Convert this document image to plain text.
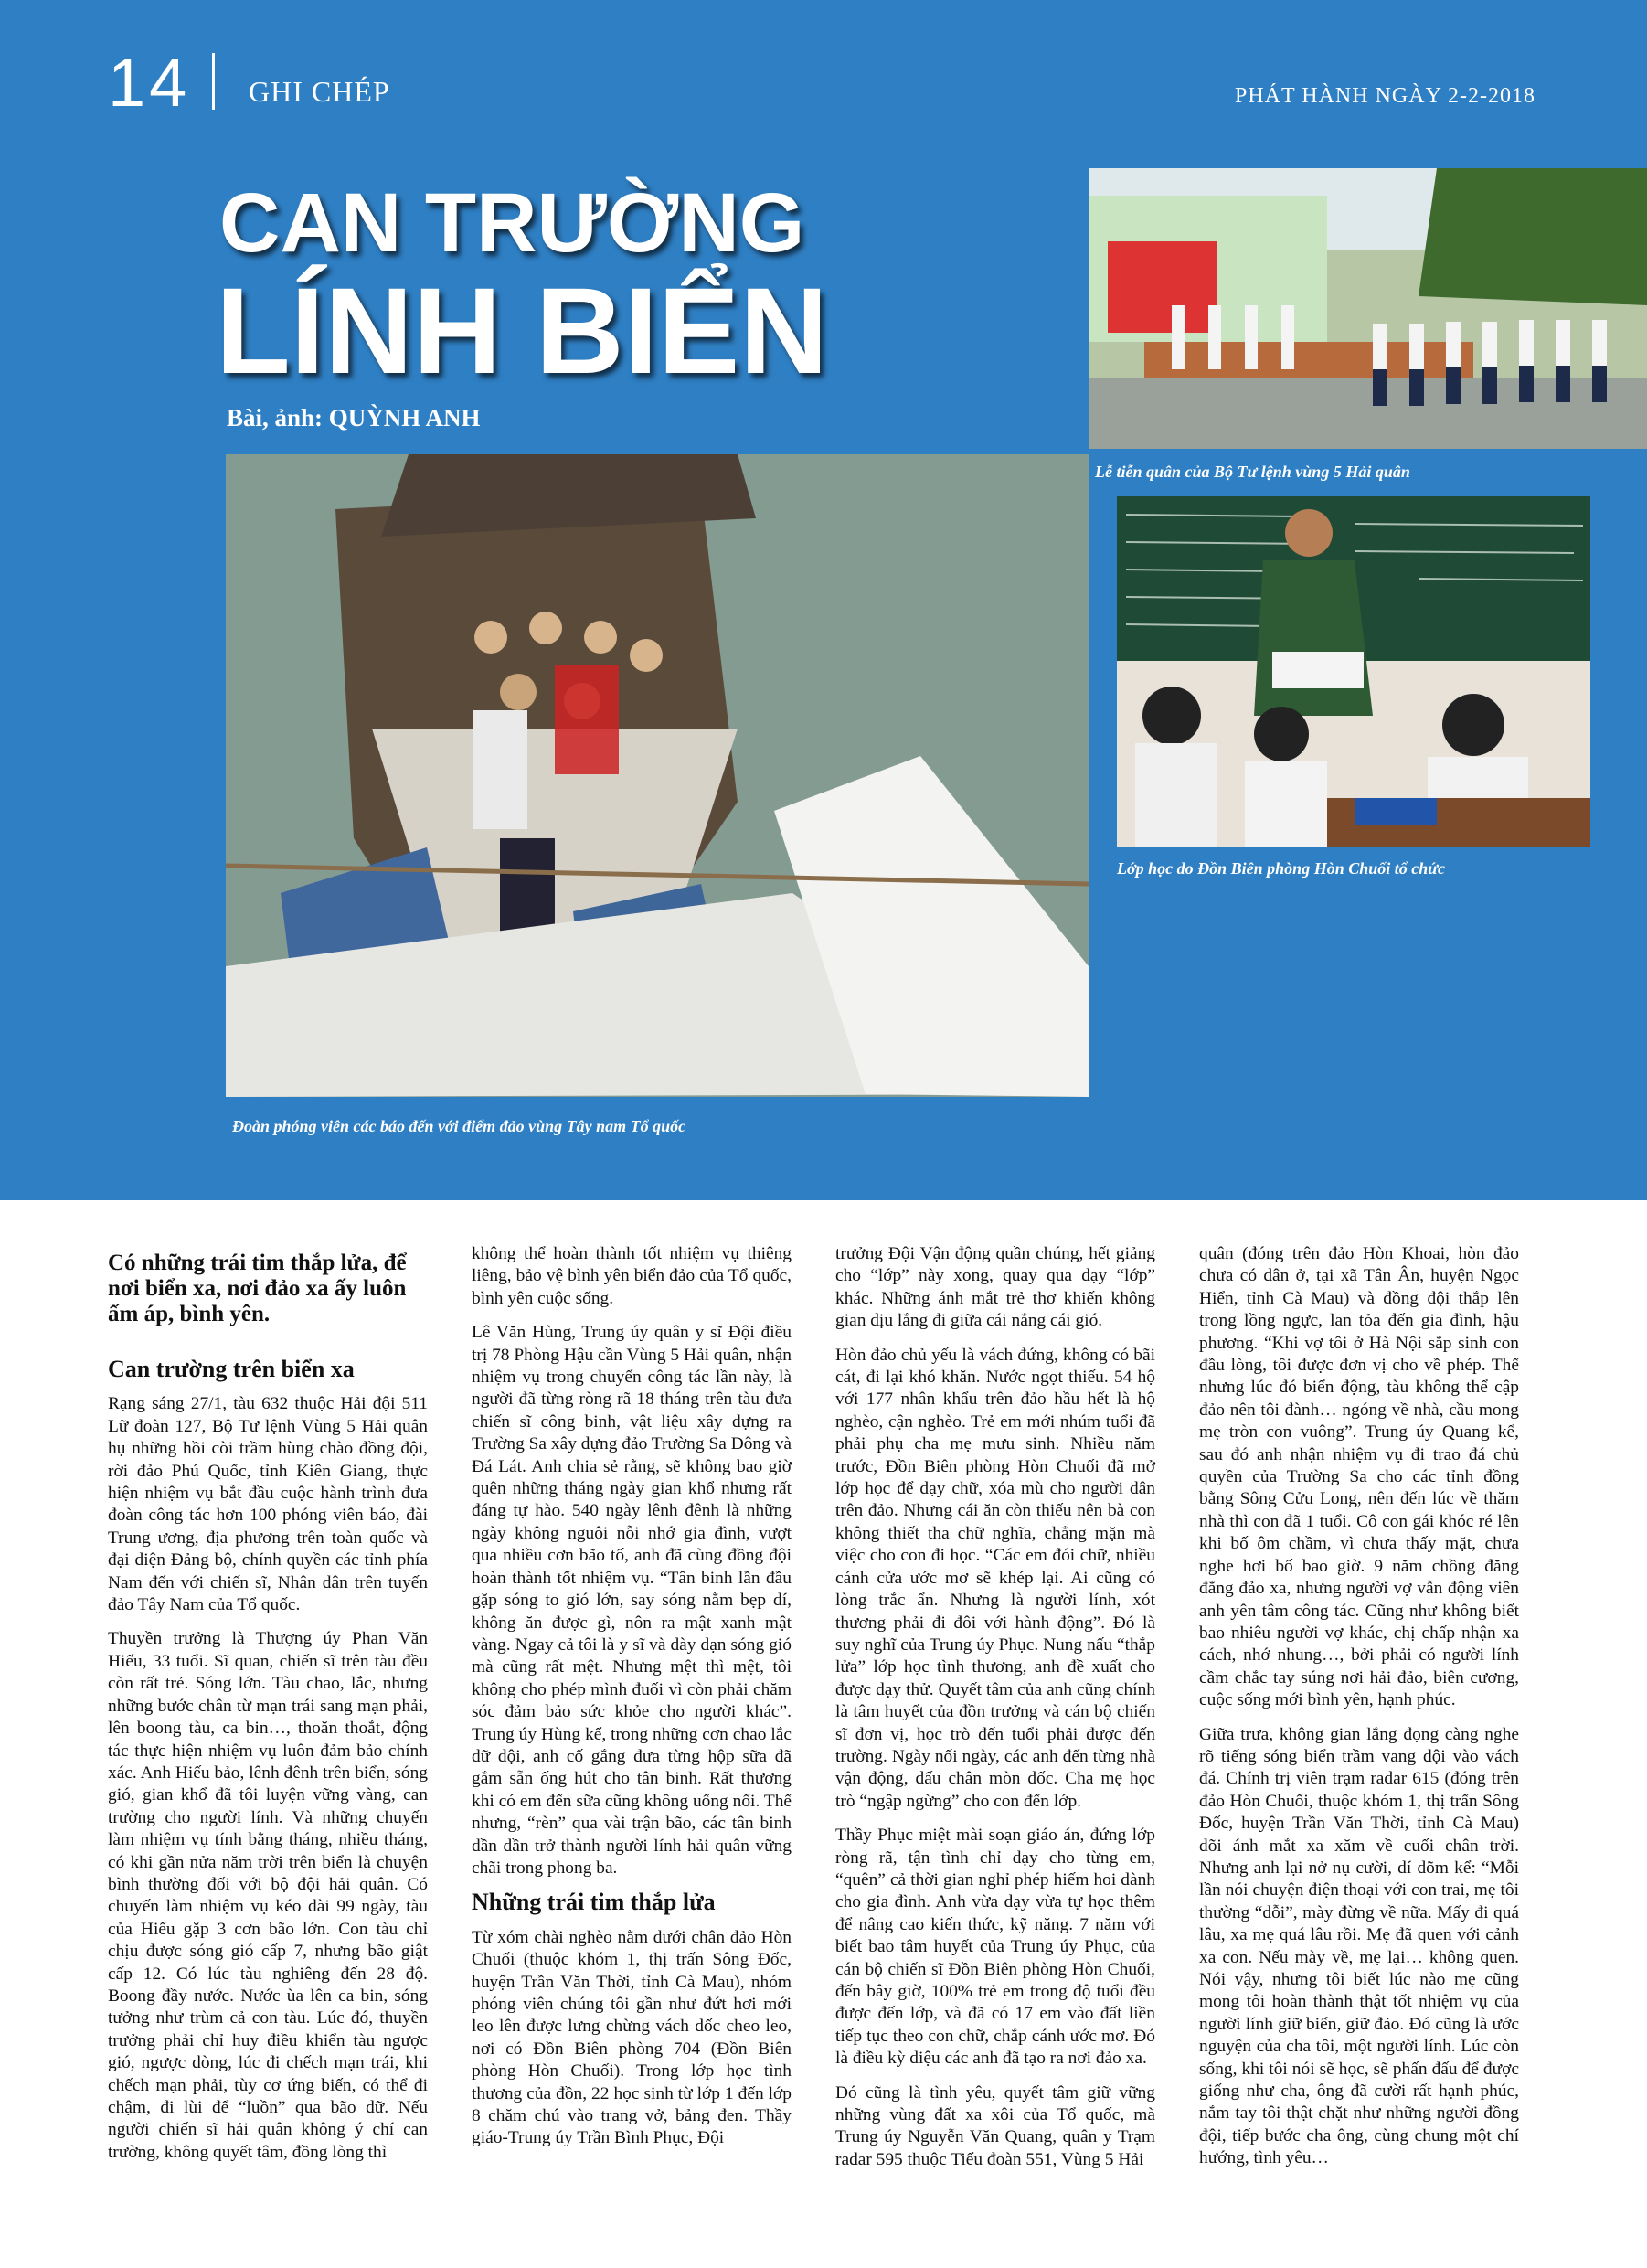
14 GHI CHÉP	PHÁT HÀNH NGÀY 2-2-2018
CAN TRƯỜNG
LÍNH BIỂN
Bài, ảnh: QUỲNH ANH
Đoàn phóng viên các báo đến với điểm đảo vùng Tây nam Tổ quốc
Lễ tiễn quân của Bộ Tư lệnh vùng 5 Hải quân
Lớp học do Đồn Biên phòng Hòn Chuối tổ chức

Có những trái tim thắp lửa, để nơi biển xa, nơi đảo xa ấy luôn ấm áp, bình yên.

Can trường trên biển xa

Rạng sáng 27/1, tàu 632 thuộc Hải đội 511 Lữ đoàn 127, Bộ Tư lệnh Vùng 5 Hải quân hụ những hồi còi trầm hùng chào đồng đội, rời đảo Phú Quốc, tỉnh Kiên Giang, thực hiện nhiệm vụ bắt đầu cuộc hành trình đưa đoàn công tác hơn 100 phóng viên báo, đài Trung ương, địa phương trên toàn quốc và đại diện Đảng bộ, chính quyền các tỉnh phía Nam đến với chiến sĩ, Nhân dân trên tuyến đảo Tây Nam của Tổ quốc.

Thuyền trưởng là Thượng úy Phan Văn Hiếu, 33 tuổi. Sĩ quan, chiến sĩ trên tàu đều còn rất trẻ. Sóng lớn. Tàu chao, lắc, nhưng những bước chân từ mạn trái sang mạn phải, lên boong tàu, ca bin…, thoăn thoắt, động tác thực hiện nhiệm vụ luôn đảm bảo chính xác. Anh Hiếu bảo, lênh đênh trên biển, sóng gió, gian khổ đã tôi luyện vững vàng, can trường cho người lính. Và những chuyến làm nhiệm vụ tính bằng tháng, nhiều tháng, có khi gần nửa năm trời trên biển là chuyện bình thường đối với bộ đội hải quân. Có chuyến làm nhiệm vụ kéo dài 99 ngày, tàu của Hiếu gặp 3 cơn bão lớn. Con tàu chỉ chịu được sóng gió cấp 7, nhưng bão giật cấp 12. Có lúc tàu nghiêng đến 28 độ. Boong đầy nước. Nước ùa lên ca bin, sóng tưởng như trùm cả con tàu. Lúc đó, thuyền trưởng phải chỉ huy điều khiển tàu ngược gió, ngược dòng, lúc đi chếch mạn trái, khi chếch mạn phải, tùy cơ ứng biến, có thể đi chậm, đi lùi để “luồn” qua bão dữ. Nếu người chiến sĩ hải quân không ý chí can trường, không quyết tâm, đồng lòng thì

không thể hoàn thành tốt nhiệm vụ thiêng liêng, bảo vệ bình yên biển đảo của Tổ quốc, bình yên cuộc sống.

Lê Văn Hùng, Trung úy quân y sĩ Đội điều trị 78 Phòng Hậu cần Vùng 5 Hải quân, nhận nhiệm vụ trong chuyến công tác lần này, là người đã từng ròng rã 18 tháng trên tàu đưa chiến sĩ công binh, vật liệu xây dựng ra Trường Sa xây dựng đảo Trường Sa Đông và Đá Lát. Anh chia sẻ rằng, sẽ không bao giờ quên những tháng ngày gian khổ nhưng rất đáng tự hào. 540 ngày lênh đênh là những ngày không nguôi nỗi nhớ gia đình, vượt qua nhiều cơn bão tố, anh đã cùng đồng đội hoàn thành tốt nhiệm vụ. “Tân binh lần đầu gặp sóng to gió lớn, say sóng nằm bẹp dí, không ăn được gì, nôn ra mật xanh mật vàng. Ngay cả tôi là y sĩ và dày dạn sóng gió mà cũng rất mệt. Nhưng mệt thì mệt, tôi không cho phép mình đuối vì còn phải chăm sóc đảm bảo sức khỏe cho người khác”. Trung úy Hùng kể, trong những cơn chao lắc dữ dội, anh cố gắng đưa từng hộp sữa đã gắm sẵn ống hút cho tân binh. Rất thương khi có em đến sữa cũng không uống nổi. Thế nhưng, “rèn” qua vài trận bão, các tân binh dần dần trở thành người lính hải quân vững chãi trong phong ba.

Những trái tim thắp lửa

Từ xóm chài nghèo nằm dưới chân đảo Hòn Chuối (thuộc khóm 1, thị trấn Sông Đốc, huyện Trần Văn Thời, tỉnh Cà Mau), nhóm phóng viên chúng tôi gần như đứt hơi mới leo lên được lưng chừng vách dốc cheo leo, nơi có Đồn Biên phòng 704 (Đồn Biên phòng Hòn Chuối). Trong lớp học tình thương của đồn, 22 học sinh từ lớp 1 đến lớp 8 chăm chú vào trang vở, bảng đen. Thầy giáo-Trung úy Trần Bình Phục, Đội

trưởng Đội Vận động quần chúng, hết giảng cho “lớp” này xong, quay qua dạy “lớp” khác. Những ánh mắt trẻ thơ khiến không gian dịu lắng đi giữa cái nắng cái gió.

Hòn đảo chủ yếu là vách đứng, không có bãi cát, đi lại khó khăn. Nước ngọt thiếu. 54 hộ với 177 nhân khẩu trên đảo hầu hết là hộ nghèo, cận nghèo. Trẻ em mới nhúm tuổi đã phải phụ cha mẹ mưu sinh. Nhiều năm trước, Đồn Biên phòng Hòn Chuối đã mở lớp học để dạy chữ, xóa mù cho người dân trên đảo. Nhưng cái ăn còn thiếu nên bà con không thiết tha chữ nghĩa, chẳng mặn mà việc cho con đi học. “Các em đói chữ, nhiều cánh cửa ước mơ sẽ khép lại. Ai cũng có lòng trắc ẩn. Nhưng là người lính, xót thương phải đi đôi với hành động”. Đó là suy nghĩ của Trung úy Phục. Nung nấu “thắp lửa” lớp học tình thương, anh đề xuất cho được dạy thử. Quyết tâm của anh cũng chính là tâm huyết của đồn trưởng và cán bộ chiến sĩ đơn vị, học trò đến tuổi phải được đến trường. Ngày nối ngày, các anh đến từng nhà vận động, dấu chân mòn dốc. Cha mẹ học trò “ngập ngừng” cho con đến lớp.

Thầy Phục miệt mài soạn giáo án, đứng lớp ròng rã, tận tình chỉ dạy cho từng em, “quên” cả thời gian nghỉ phép hiếm hoi dành cho gia đình. Anh vừa dạy vừa tự học thêm để nâng cao kiến thức, kỹ năng. 7 năm với biết bao tâm huyết của Trung úy Phục, của cán bộ chiến sĩ Đồn Biên phòng Hòn Chuối, đến bây giờ, 100% trẻ em trong độ tuổi đều được đến lớp, và đã có 17 em vào đất liền tiếp tục theo con chữ, chắp cánh ước mơ. Đó là điều kỳ diệu các anh đã tạo ra nơi đảo xa.

Đó cũng là tình yêu, quyết tâm giữ vững những vùng đất xa xôi của Tổ quốc, mà Trung úy Nguyễn Văn Quang, quân y Trạm radar 595 thuộc Tiểu đoàn 551, Vùng 5 Hải

quân (đóng trên đảo Hòn Khoai, hòn đảo chưa có dân ở, tại xã Tân Ân, huyện Ngọc Hiển, tỉnh Cà Mau) và đồng đội thắp lên trong lồng ngực, lan tỏa đến gia đình, hậu phương. “Khi vợ tôi ở Hà Nội sắp sinh con đầu lòng, tôi được đơn vị cho về phép. Thế nhưng lúc đó biển động, tàu không thể cập đảo nên tôi đành… ngóng về nhà, cầu mong mẹ tròn con vuông”. Trung úy Quang kể, sau đó anh nhận nhiệm vụ đi trao đá chủ quyền của Trường Sa cho các tỉnh đồng bằng Sông Cửu Long, nên đến lúc về thăm nhà thì con đã 1 tuổi. Cô con gái khóc ré lên khi bố ôm chầm, vì chưa thấy mặt, chưa nghe hơi bố bao giờ. 9 năm chồng đăng đẳng đảo xa, nhưng người vợ vẫn động viên anh yên tâm công tác. Cũng như không biết bao nhiêu người vợ khác, chị chấp nhận xa cách, nhớ nhung…, bởi phải có người lính cầm chắc tay súng nơi hải đảo, biên cương, cuộc sống mới bình yên, hạnh phúc.

Giữa trưa, không gian lắng đọng càng nghe rõ tiếng sóng biển trầm vang dội vào vách đá. Chính trị viên trạm radar 615 (đóng trên đảo Hòn Chuối, thuộc khóm 1, thị trấn Sông Đốc, huyện Trần Văn Thời, tỉnh Cà Mau) dõi ánh mắt xa xăm về cuối chân trời. Nhưng anh lại nở nụ cười, dí dõm kể: “Mỗi lần nói chuyện điện thoại với con trai, mẹ tôi thường “dỗi”, mày đừng về nữa. Mấy đi quá lâu, xa mẹ quá lâu rồi. Mẹ đã quen với cảnh xa con. Nếu mày về, mẹ lại… không quen. Nói vậy, nhưng tôi biết lúc nào mẹ cũng mong tôi hoàn thành thật tốt nhiệm vụ của người lính giữ biển, giữ đảo. Đó cũng là ước nguyện của cha tôi, một người lính. Lúc còn sống, khi tôi nói sẽ học, sẽ phấn đấu để được giống như cha, ông đã cười rất hạnh phúc, nắm tay tôi thật chặt như những người đồng đội, tiếp bước cha ông, cùng chung một chí hướng, tình yêu…
